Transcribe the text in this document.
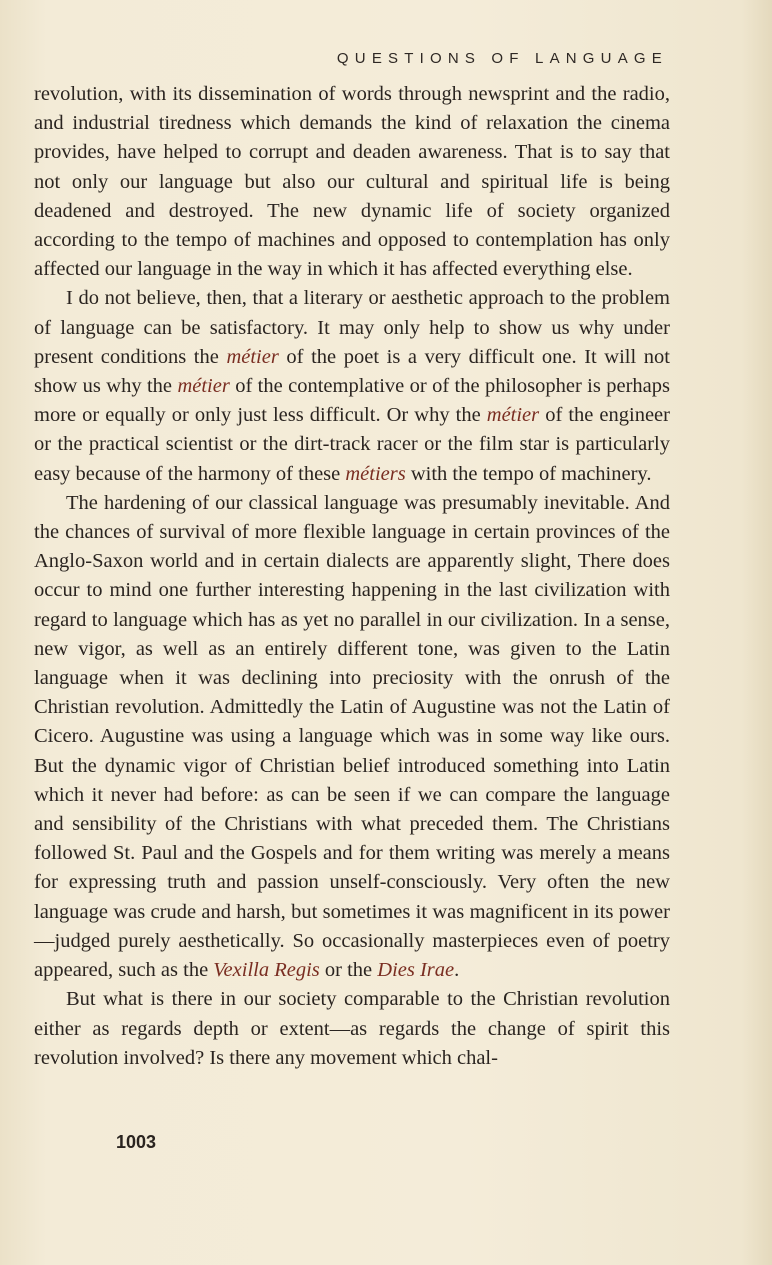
QUESTIONS OF LANGUAGE

revolution, with its dissemination of words through newsprint and the radio, and industrial tiredness which demands the kind of relaxation the cinema provides, have helped to corrupt and deaden awareness. That is to say that not only our language but also our cultural and spiritual life is being deadened and destroyed. The new dynamic life of society organized according to the tempo of machines and opposed to contemplation has only affected our language in the way in which it has affected everything else.

I do not believe, then, that a literary or aesthetic approach to the problem of language can be satisfactory. It may only help to show us why under present conditions the métier of the poet is a very difficult one. It will not show us why the métier of the contemplative or of the philosopher is perhaps more or equally or only just less difficult. Or why the métier of the engineer or the practical scientist or the dirt-track racer or the film star is particularly easy because of the harmony of these métiers with the tempo of machinery.

The hardening of our classical language was presumably inevitable. And the chances of survival of more flexible language in certain provinces of the Anglo-Saxon world and in certain dialects are apparently slight, There does occur to mind one further interesting happening in the last civilization with regard to language which has as yet no parallel in our civilization. In a sense, new vigor, as well as an entirely different tone, was given to the Latin language when it was declining into preciosity with the onrush of the Christian revolution. Admittedly the Latin of Augustine was not the Latin of Cicero. Augustine was using a language which was in some way like ours. But the dynamic vigor of Christian belief introduced something into Latin which it never had before: as can be seen if we can compare the language and sensibility of the Christians with what preceded them. The Christians followed St. Paul and the Gospels and for them writing was merely a means for expressing truth and passion unself-consciously. Very often the new language was crude and harsh, but sometimes it was magnificent in its power—judged purely aesthetically. So occasionally masterpieces even of poetry appeared, such as the Vexilla Regis or the Dies Irae.

But what is there in our society comparable to the Christian revolution either as regards depth or extent—as regards the change of spirit this revolution involved? Is there any movement which chal-

1003
